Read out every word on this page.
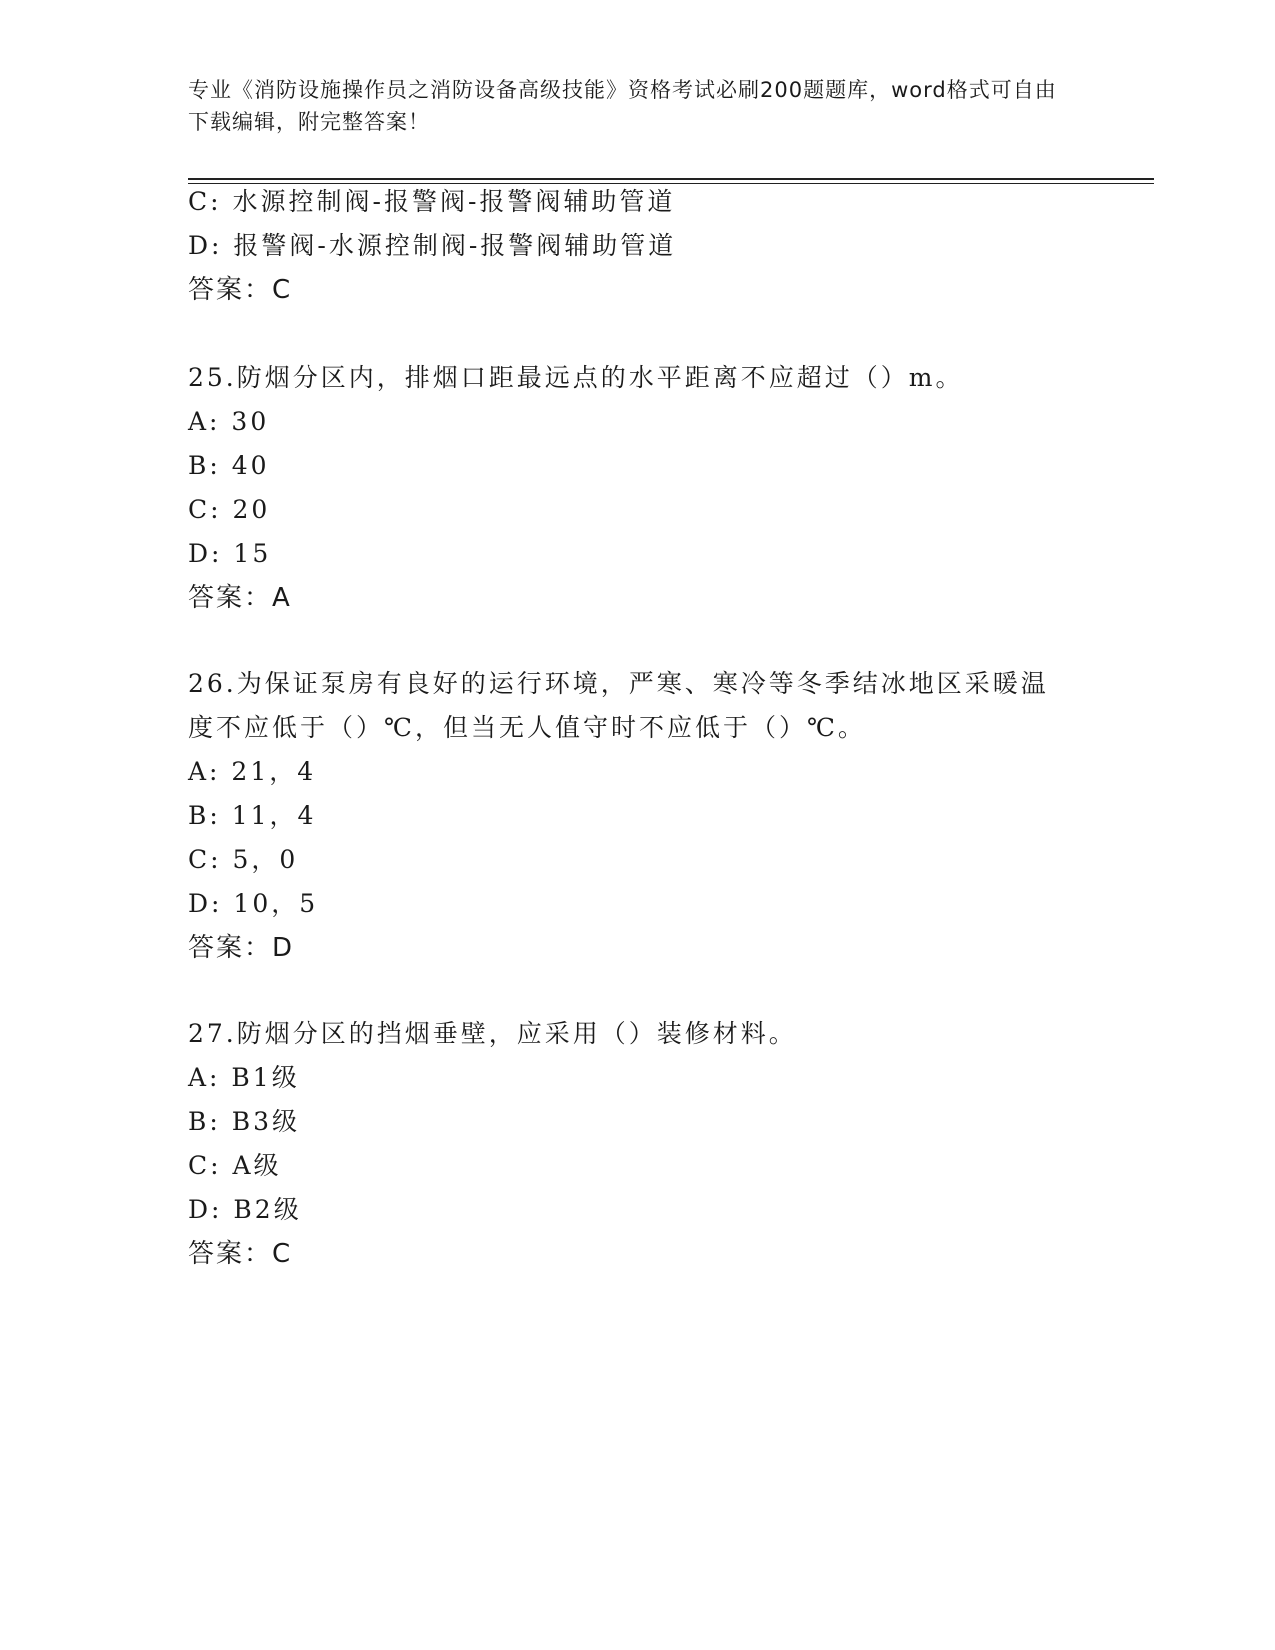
专业《消防设施操作员之消防设备高级技能》资格考试必刷200题题库，word格式可自由下载编辑，附完整答案！
C: 水源控制阀-报警阀-报警阀辅助管道
D: 报警阀-水源控制阀-报警阀辅助管道
答案：C
25.防烟分区内，排烟口距最远点的水平距离不应超过（）m。
A: 30
B: 40
C: 20
D: 15
答案：A
26.为保证泵房有良好的运行环境，严寒、寒冷等冬季结冰地区采暖温
度不应低于（）℃，但当无人值守时不应低于（）℃。
A: 21，4
B: 11，4
C: 5，0
D: 10，5
答案：D
27.防烟分区的挡烟垂壁，应采用（）装修材料。
A: B1级
B: B3级
C: A级
D: B2级
答案：C
